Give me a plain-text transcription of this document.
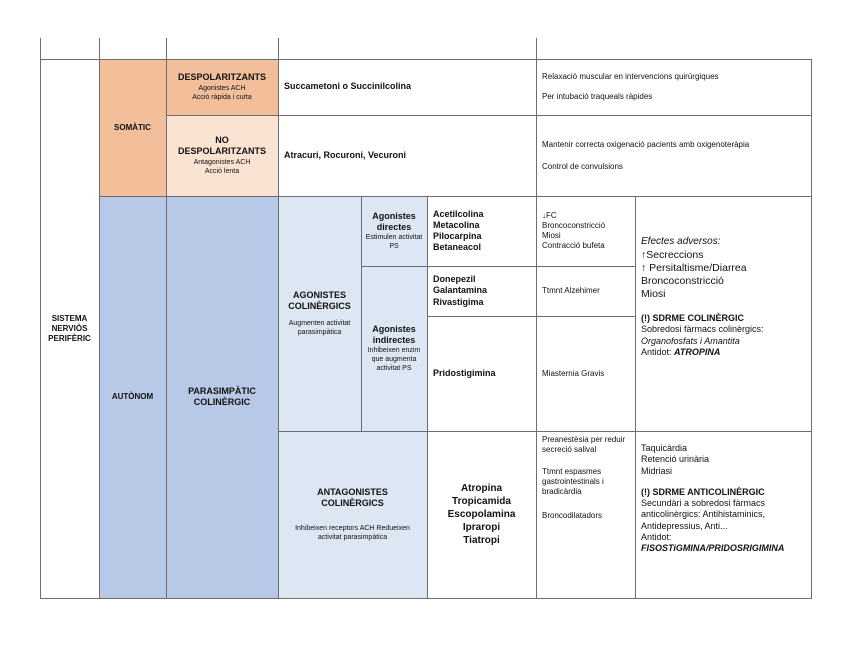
SOMÀTIC
DESPOLARITZANTS
Agonistes ACH
Acció ràpida i curta
NO
DESPOLARITZANTS
Antagonistes ACH
Acció lenta
AUTÒNOM
PARASIMPÀTIC COLINÈRGIC
AGONISTES COLINÈRGICS
Augmenten activitat parasimpàtica
Agonistes directes
Estimulen activitat PS
Agonistes indirectes
Inhibeixen enzim que augmenta activitat PS
ANTAGONISTES COLINÈRGICS
Inhibeixen receptors ACH Redueixen activitat parasimpàtica
SISTEMA NERVIÒS PERIFÈRIC
Succametoni o Succinilcolina
Relaxació muscular en intervencions quirúrgiques
Per intubació traqueals ràpides
Atracuri, Rocuroni, Vecuroni
Mantenir correcta oxigenació pacients amb oxigenoteràpia
Control de convulsions
Acetilcolina
Metacolina
Pilocarpina
Betaneacol
↓FC
Broncoconstricció
Miosi
Contracció bufeta
Donepezil
Galantamina
Rivastigima
Ttmnt Alzehimer
Pridostigimina	Miasternia Gravis
Efectes adversos:
↑Secreccions
↑ Persitaltisme/Diarrea
Broncoconstricció
Miosi
(!) SDRME COLINÈRGIC
Sobredosi fàrmacs colinèrgics:
Organofosfats i Amantita
Antidot: ATROPINA
Atropina
Tropicamida
Escopolamina
Ipraropi
Tiatropi
Preanestèsia per reduir secreció salival
Ttmnt espasmes gastrointestinals i bradicàrdia
Broncodilatadors
Taquicàrdia
Retenció urinària
Midriasi
(!) SDRME ANTICOLINÈRGIC
Secundàri a sobredosi fàrmacs
anticolinèrgics: Antihistaminics,
Antidepressius, Anti...
Antidot:
FISOSTiGMINA/PRIDOSRIGIMINA
